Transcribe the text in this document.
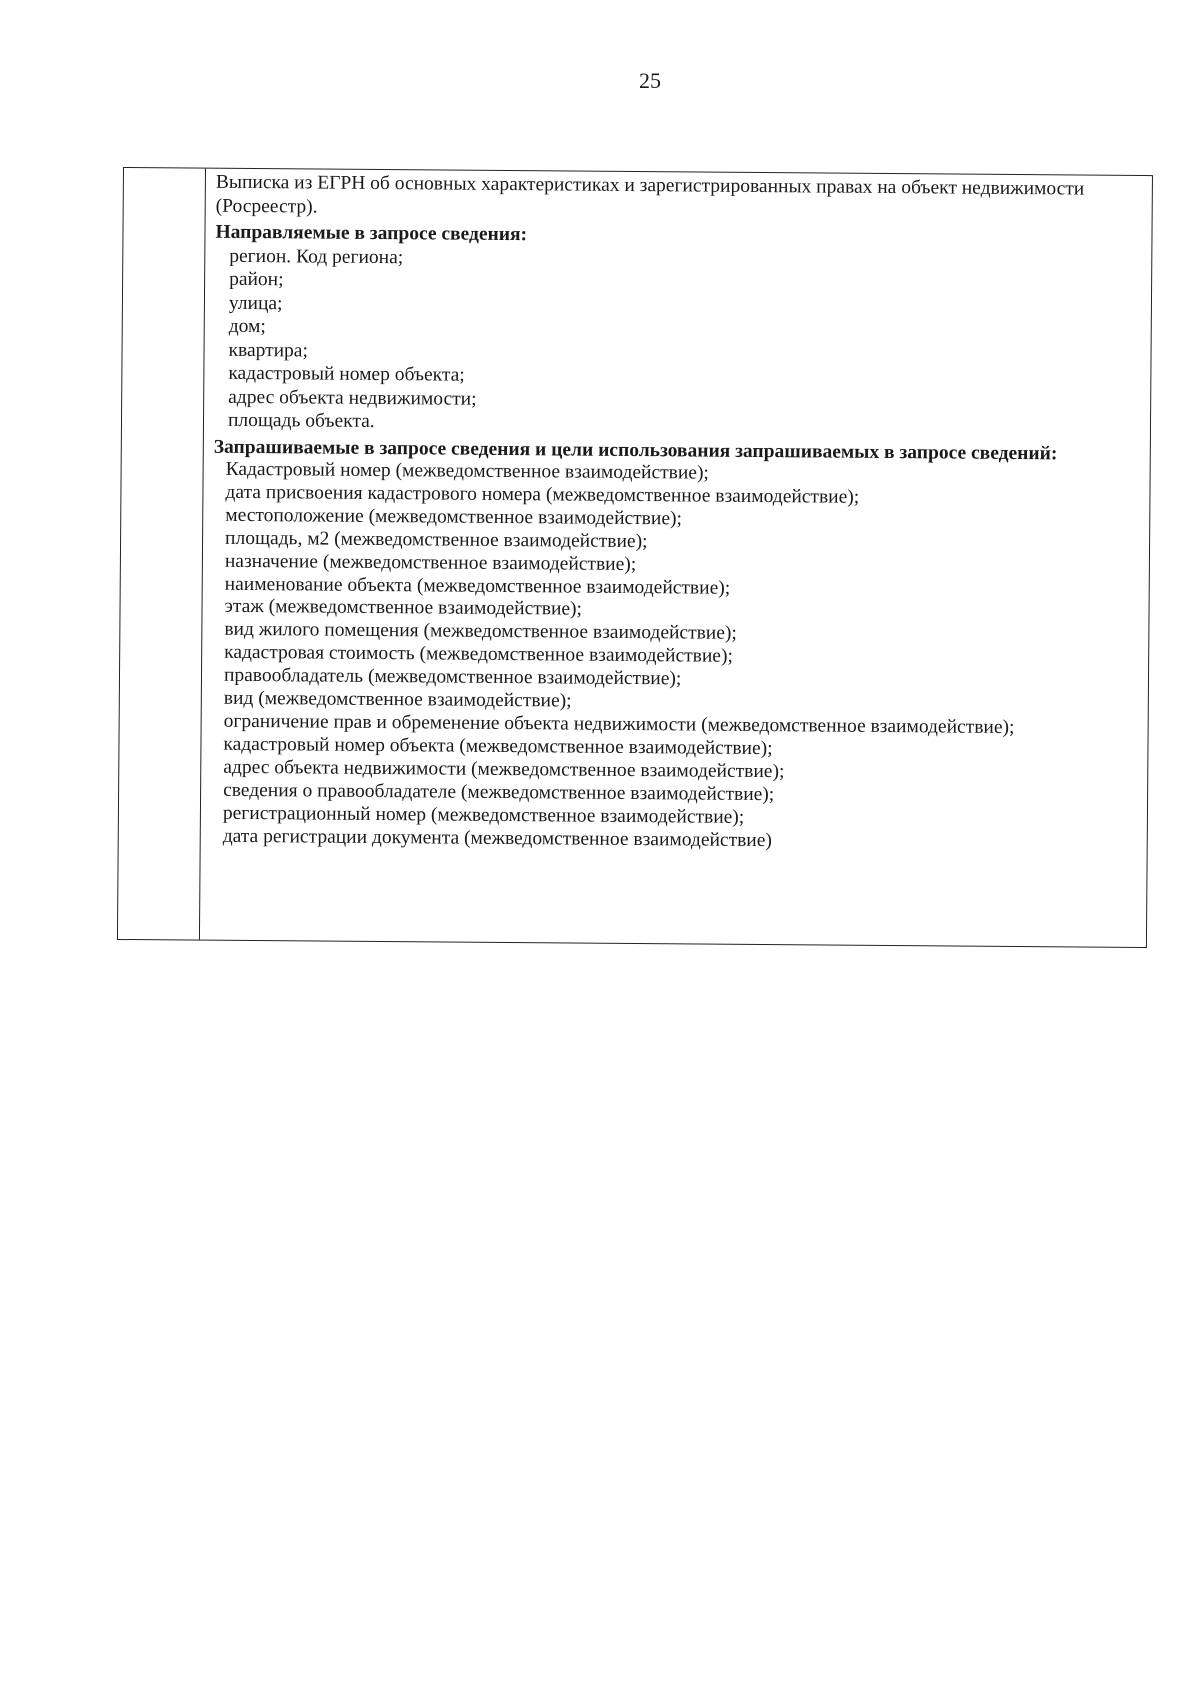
25

Выписка из ЕГРН об основных характеристиках и зарегистрированных правах на объект недвижимости (Росреестр).

Направляемые в запросе сведения:
регион. Код региона;
район;
улица;
дом;
квартира;
кадастровый номер объекта;
адрес объекта недвижимости;
площадь объекта.
Запрашиваемые в запросе сведения и цели использования запрашиваемых в запросе сведений:
Кадастровый номер (межведомственное взаимодействие);
дата присвоения кадастрового номера (межведомственное взаимодействие);
местоположение (межведомственное взаимодействие);
площадь, м2 (межведомственное взаимодействие);
назначение (межведомственное взаимодействие);
наименование объекта (межведомственное взаимодействие);
этаж (межведомственное взаимодействие);
вид жилого помещения (межведомственное взаимодействие);
кадастровая стоимость (межведомственное взаимодействие);
правообладатель (межведомственное взаимодействие);
вид (межведомственное взаимодействие);
ограничение прав и обременение объекта недвижимости (межведомственное взаимодействие);
кадастровый номер объекта (межведомственное взаимодействие);
адрес объекта недвижимости (межведомственное взаимодействие);
сведения о правообладателе (межведомственное взаимодействие);
регистрационный номер (межведомственное взаимодействие);
дата регистрации документа (межведомственное взаимодействие)
